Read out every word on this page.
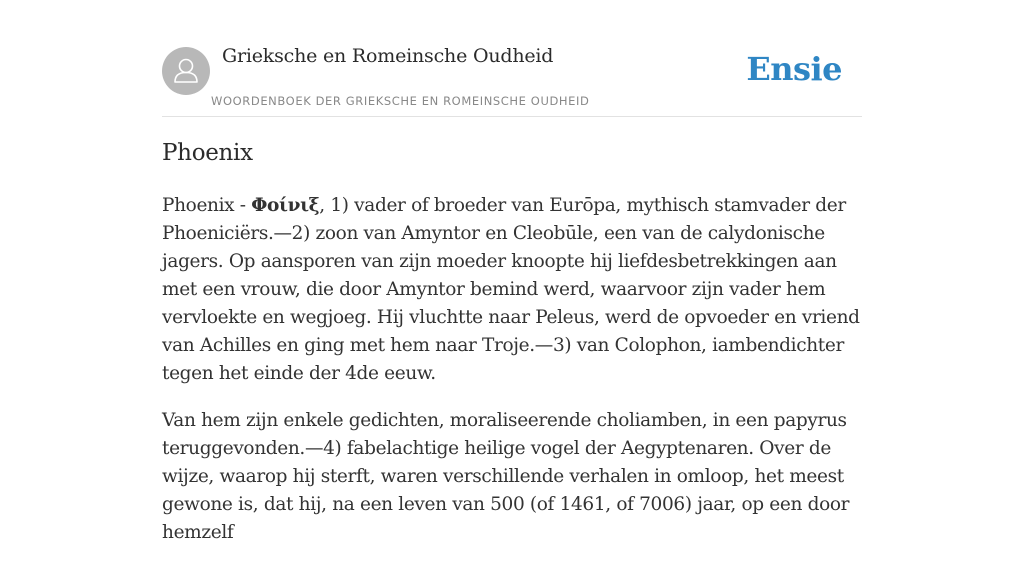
Grieksche en Romeinsche Oudheid
WOORDENBOEK DER GRIEKSCHE EN ROMEINSCHE OUDHEID
Ensie
Phoenix

Phoenix - Φοίνιξ, 1) vader of broeder van Eurōpa, mythisch stamvader der Phoeniciërs.—2) zoon van Amyntor en Cleobūle, een van de calydonische jagers. Op aansporen van zijn moeder knoopte hij liefdesbetrekkingen aan met een vrouw, die door Amyntor bemind werd, waarvoor zijn vader hem vervloekte en wegjoeg. Hij vluchtte naar Peleus, werd de opvoeder en vriend van Achilles en ging met hem naar Troje.—3) van Colophon, iambendichter tegen het einde der 4de eeuw.

Van hem zijn enkele gedichten, moraliseerende choliamben, in een papyrus teruggevonden.—4) fabelachtige heilige vogel der Aegyptenaren. Over de wijze, waarop hij sterft, waren verschillende verhalen in omloop, het meest gewone is, dat hij, na een leven van 500 (of 1461, of 7006) jaar, op een door hemzelf
